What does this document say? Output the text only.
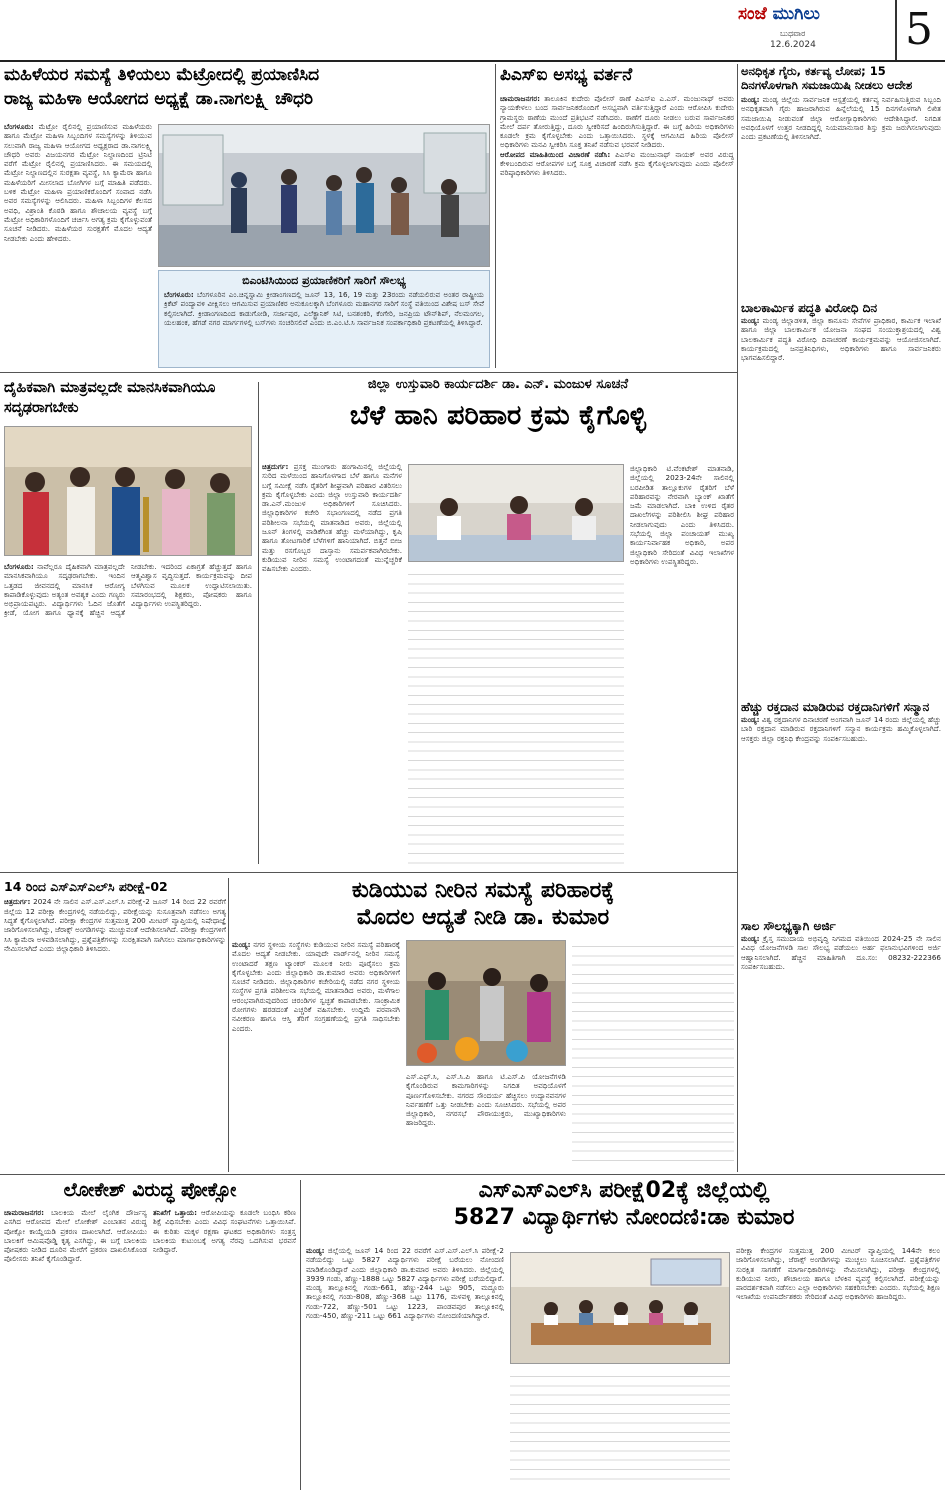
ಸಂಜೆ ಮುಗಿಲು
ಬುಧವಾರ
12.6.2024 5
ಮಹಿಳೆಯರ ಸಮಸ್ಯೆ ತಿಳಿಯಲು ಮೆಟ್ರೋದಲ್ಲಿ ಪ್ರಯಾಣಿಸಿದ
ರಾಜ್ಯ ಮಹಿಳಾ ಆಯೋಗದ ಅಧ್ಯಕ್ಷೆ ಡಾ.ನಾಗಲಕ್ಷ್ಮಿ ಚೌಧರಿ
ಬೆಂಗಳೂರು: ಮೆಟ್ರೋ ರೈಲಿನಲ್ಲಿ ಪ್ರಯಾಣಿಸುವ ಮಹಿಳೆಯರು ಹಾಗೂ ಮೆಟ್ರೋ ಮಹಿಳಾ ಸಿಬ್ಬಂದಿಗಳ ಸಮಸ್ಯೆಗಳನ್ನು ತಿಳಿಯುವ ಸಲುವಾಗಿ ರಾಜ್ಯ ಮಹಿಳಾ ಆಯೋಗದ ಅಧ್ಯಕ್ಷರಾದ ಡಾ.ನಾಗಲಕ್ಷ್ಮಿ ಚೌಧರಿ ಅವರು ವಿಜಯನಗರ ಮೆಟ್ರೋ ನಿಲ್ದಾಣದಿಂದ ಟ್ರಿನಿಟಿ ವರೆಗೆ ಮೆಟ್ರೋ ರೈಲಿನಲ್ಲಿ ಪ್ರಯಾಣಿಸಿದರು. ಈ ಸಮಯದಲ್ಲಿ ಮೆಟ್ರೋ ನಿಲ್ದಾಣದಲ್ಲಿನ ಸುರಕ್ಷತಾ ವ್ಯವಸ್ಥೆ, ಸಿಸಿ ಕ್ಯಾಮೆರಾ ಹಾಗೂ ಮಹಿಳೆಯರಿಗೆ ಮೀಸಲಾದ ಬೋಗಿಗಳ ಬಗ್ಗೆ ಮಾಹಿತಿ ಪಡೆದರು. ಬಳಿಕ ಮೆಟ್ರೋ ಮಹಿಳಾ ಪ್ರಯಾಣಿಕರೊಂದಿಗೆ ಸಂವಾದ ನಡೆಸಿ ಅವರ ಸಮಸ್ಯೆಗಳನ್ನು ಆಲಿಸಿದರು. ಮಹಿಳಾ ಸಿಬ್ಬಂದಿಗಳ ಕೆಲಸದ ಅವಧಿ, ವಿಶ್ರಾಂತಿ ಕೊಠಡಿ ಹಾಗೂ ಶೌಚಾಲಯ ವ್ಯವಸ್ಥೆ ಬಗ್ಗೆ ಮೆಟ್ರೋ ಅಧಿಕಾರಿಗಳೊಂದಿಗೆ ಚರ್ಚಿಸಿ ಅಗತ್ಯ ಕ್ರಮ ಕೈಗೊಳ್ಳುವಂತೆ ಸೂಚನೆ ನೀಡಿದರು. ಮಹಿಳೆಯರ ಸುರಕ್ಷತೆಗೆ ಮೊದಲ ಆದ್ಯತೆ ನೀಡಬೇಕು ಎಂದು ಹೇಳಿದರು.
ಬಿಎಂಟಿಸಿಯಿಂದ ಪ್ರಯಾಣಿಕರಿಗೆ ಸಾರಿಗೆ ಸೌಲಭ್ಯ
ಬೆಂಗಳೂರು: ಬೆಂಗಳೂರಿನ ಎಂ.ಚಿನ್ನಸ್ವಾಮಿ ಕ್ರೀಡಾಂಗಣದಲ್ಲಿ ಜೂನ್ 13, 16, 19 ಮತ್ತು 23ರಂದು ನಡೆಯಲಿರುವ ಅಂತರ ರಾಷ್ಟ್ರೀಯ ಕ್ರಿಕೆಟ್ ಪಂದ್ಯಾವಳಿ ವೀಕ್ಷಿಸಲು ಆಗಮಿಸುವ ಪ್ರಯಾಣಿಕರ ಅನುಕೂಲಕ್ಕಾಗಿ ಬೆಂಗಳೂರು ಮಹಾನಗರ ಸಾರಿಗೆ ಸಂಸ್ಥೆ ವತಿಯಿಂದ ವಿಶೇಷ ಬಸ್ ಸೇವೆ ಕಲ್ಪಿಸಲಾಗಿದೆ. ಕ್ರೀಡಾಂಗಣದಿಂದ ಕಾಡುಗೋಡಿ, ಸರ್ಜಾಪುರ, ಎಲೆಕ್ಟ್ರಾನಿಕ್ ಸಿಟಿ, ಬನಶಂಕರಿ, ಕೆಂಗೇರಿ, ಜನಪ್ರಿಯ ಟೌನ್‌ಶಿಪ್, ನೆಲಮಂಗಲ, ಯಲಹಂಕ, ಹೆಗಡೆ ನಗರ ಮಾರ್ಗಗಳಲ್ಲಿ ಬಸ್‌ಗಳು ಸಂಚರಿಸಲಿವೆ ಎಂದು ಬಿ.ಎಂ.ಟಿ.ಸಿ ಸಾರ್ವಜನಿಕ ಸಂಪರ್ಕಾಧಿಕಾರಿ ಪ್ರಕಟಣೆಯಲ್ಲಿ ತಿಳಿಸಿದ್ದಾರೆ.
ಪಿಎಸ್‌ಐ ಅಸಭ್ಯ ವರ್ತನೆ
ಚಾಮರಾಜನಗರ: ತಾಲೂಕಿನ ಕುದೇರು ಪೊಲೀಸ್ ಠಾಣೆ ಪಿಎಸ್‌ಐ ಎ.ಎಸ್. ಮಂಜುನಾಥ್ ಅವರು ನ್ಯಾಯಕೇಳಲು ಬಂದ ಸಾರ್ವಜನಿಕರೊಂದಿಗೆ ಅಸಭ್ಯವಾಗಿ ವರ್ತಿಸುತ್ತಿದ್ದಾರೆ ಎಂದು ಆರೋಪಿಸಿ ಕುದೇರು ಗ್ರಾಮಸ್ಥರು ಠಾಣೆಯ ಮುಂದೆ ಪ್ರತಿಭಟನೆ ನಡೆಸಿದರು. ಠಾಣೆಗೆ ದೂರು ನೀಡಲು ಬರುವ ಸಾರ್ವಜನಿಕರ ಮೇಲೆ ದರ್ಪ ತೋರುತ್ತಿದ್ದು, ದೂರು ಸ್ವೀಕರಿಸದೆ ಹಿಂದಿರುಗಿಸುತ್ತಿದ್ದಾರೆ. ಈ ಬಗ್ಗೆ ಹಿರಿಯ ಅಧಿಕಾರಿಗಳು ಕೂಡಲೇ ಕ್ರಮ ಕೈಗೊಳ್ಳಬೇಕು ಎಂದು ಒತ್ತಾಯಿಸಿದರು. ಸ್ಥಳಕ್ಕೆ ಆಗಮಿಸಿದ ಹಿರಿಯ ಪೊಲೀಸ್ ಅಧಿಕಾರಿಗಳು ಮನವಿ ಸ್ವೀಕರಿಸಿ ಸೂಕ್ತ ತನಿಖೆ ನಡೆಸುವ ಭರವಸೆ ನೀಡಿದರು.
ಆರೋಪದ ಮಾಹಿತಿಯಿಂದ ವಿಚಾರಣೆ ನಡೆಸಿ: ಪಿಎಸ್‌ಐ ಮಂಜುನಾಥ್ ನಾಯಕ್ ಅವರ ವಿರುದ್ಧ ಕೇಳಿಬಂದಿರುವ ಆರೋಪಗಳ ಬಗ್ಗೆ ಸೂಕ್ತ ವಿಚಾರಣೆ ನಡೆಸಿ ಕ್ರಮ ಕೈಗೊಳ್ಳಲಾಗುವುದು ಎಂದು ಪೊಲೀಸ್ ವರಿಷ್ಠಾಧಿಕಾರಿಗಳು ತಿಳಿಸಿದರು.
ಅನಧಿಕೃತ ಗೈರು, ಕರ್ತವ್ಯ ಲೋಪ; 15 ದಿನಗಳೊಳಗಾಗಿ ಸಮಜಾಯಿಷಿ ನೀಡಲು ಆದೇಶ
ಮಂಡ್ಯ: ಮಂಡ್ಯ ಜಿಲ್ಲೆಯ ಸಾರ್ವಜನಿಕ ಆಸ್ಪತ್ರೆಯಲ್ಲಿ ಕರ್ತವ್ಯ ನಿರ್ವಹಿಸುತ್ತಿರುವ ಸಿಬ್ಬಂದಿ ಅನಧಿಕೃತವಾಗಿ ಗೈರು ಹಾಜರಾಗಿರುವ ಹಿನ್ನೆಲೆಯಲ್ಲಿ 15 ದಿನಗಳೊಳಗಾಗಿ ಲಿಖಿತ ಸಮಜಾಯಿಷಿ ನೀಡುವಂತೆ ಜಿಲ್ಲಾ ಆರೋಗ್ಯಾಧಿಕಾರಿಗಳು ಆದೇಶಿಸಿದ್ದಾರೆ. ನಿಗದಿತ ಅವಧಿಯೊಳಗೆ ಉತ್ತರ ನೀಡದಿದ್ದಲ್ಲಿ ನಿಯಮಾನುಸಾರ ಶಿಸ್ತು ಕ್ರಮ ಜರುಗಿಸಲಾಗುವುದು ಎಂದು ಪ್ರಕಟಣೆಯಲ್ಲಿ ತಿಳಿಸಲಾಗಿದೆ.
ಬಾಲಕಾರ್ಮಿಕ ಪದ್ಧತಿ ವಿರೋಧಿ ದಿನ
ಮಂಡ್ಯ: ಮಂಡ್ಯ ಜಿಲ್ಲಾಡಳಿತ, ಜಿಲ್ಲಾ ಕಾನೂನು ಸೇವೆಗಳ ಪ್ರಾಧಿಕಾರ, ಕಾರ್ಮಿಕ ಇಲಾಖೆ ಹಾಗೂ ಜಿಲ್ಲಾ ಬಾಲಕಾರ್ಮಿಕ ಯೋಜನಾ ಸಂಘದ ಸಂಯುಕ್ತಾಶ್ರಯದಲ್ಲಿ ವಿಶ್ವ ಬಾಲಕಾರ್ಮಿಕ ಪದ್ಧತಿ ವಿರೋಧಿ ದಿನಾಚರಣೆ ಕಾರ್ಯಕ್ರಮವನ್ನು ಆಯೋಜಿಸಲಾಗಿದೆ. ಕಾರ್ಯಕ್ರಮದಲ್ಲಿ ಜನಪ್ರತಿನಿಧಿಗಳು, ಅಧಿಕಾರಿಗಳು ಹಾಗೂ ಸಾರ್ವಜನಿಕರು ಭಾಗವಹಿಸಲಿದ್ದಾರೆ.
ಹೆಚ್ಚು ರಕ್ತದಾನ ಮಾಡಿರುವ ರಕ್ತದಾನಿಗಳಿಗೆ ಸನ್ಮಾನ
ಮಂಡ್ಯ: ವಿಶ್ವ ರಕ್ತದಾನಿಗಳ ದಿನಾಚರಣೆ ಅಂಗವಾಗಿ ಜೂನ್ 14 ರಂದು ಜಿಲ್ಲೆಯಲ್ಲಿ ಹೆಚ್ಚು ಬಾರಿ ರಕ್ತದಾನ ಮಾಡಿರುವ ರಕ್ತದಾನಿಗಳಿಗೆ ಸನ್ಮಾನ ಕಾರ್ಯಕ್ರಮ ಹಮ್ಮಿಕೊಳ್ಳಲಾಗಿದೆ. ಆಸಕ್ತರು ಜಿಲ್ಲಾ ರಕ್ತನಿಧಿ ಕೇಂದ್ರವನ್ನು ಸಂಪರ್ಕಿಸಬಹುದು.
ಸಾಲ ಸೌಲಭ್ಯಕ್ಕಾಗಿ ಅರ್ಜಿ
ಮಂಡ್ಯ: ಕ್ರೈಸ್ತ ಸಮುದಾಯ ಅಭಿವೃದ್ಧಿ ನಿಗಮದ ವತಿಯಿಂದ 2024-25 ನೇ ಸಾಲಿನ ವಿವಿಧ ಯೋಜನೆಗಳಡಿ ಸಾಲ ಸೌಲಭ್ಯ ಪಡೆಯಲು ಅರ್ಹ ಫಲಾನುಭವಿಗಳಿಂದ ಅರ್ಜಿ ಆಹ್ವಾನಿಸಲಾಗಿದೆ. ಹೆಚ್ಚಿನ ಮಾಹಿತಿಗಾಗಿ ದೂ.ಸಂ: 08232-222366 ಸಂಪರ್ಕಿಸಬಹುದು.
ದೈಹಿಕವಾಗಿ ಮಾತ್ರವಲ್ಲದೇ ಮಾನಸಿಕವಾಗಿಯೂ ಸದೃಢರಾಗಬೇಕು
ಬೆಂಗಳೂರು: ನಾವೆಲ್ಲರೂ ದೈಹಿಕವಾಗಿ ಮಾತ್ರವಲ್ಲದೇ ಮಾನಸಿಕವಾಗಿಯೂ ಸದೃಢರಾಗಬೇಕು. ಇಂದಿನ ಒತ್ತಡದ ಜೀವನದಲ್ಲಿ ಮಾನಸಿಕ ಆರೋಗ್ಯ ಕಾಪಾಡಿಕೊಳ್ಳುವುದು ಅತ್ಯಂತ ಅವಶ್ಯಕ ಎಂದು ಗಣ್ಯರು ಅಭಿಪ್ರಾಯಪಟ್ಟರು. ವಿದ್ಯಾರ್ಥಿಗಳು ಓದಿನ ಜೊತೆಗೆ ಕ್ರೀಡೆ, ಯೋಗ ಹಾಗೂ ಧ್ಯಾನಕ್ಕೆ ಹೆಚ್ಚಿನ ಆದ್ಯತೆ ನೀಡಬೇಕು. ಇದರಿಂದ ಏಕಾಗ್ರತೆ ಹೆಚ್ಚುತ್ತದೆ ಹಾಗೂ ಆತ್ಮವಿಶ್ವಾಸ ವೃದ್ಧಿಸುತ್ತದೆ. ಕಾರ್ಯಕ್ರಮವನ್ನು ದೀಪ ಬೆಳಗಿಸುವ ಮೂಲಕ ಉದ್ಘಾಟಿಸಲಾಯಿತು. ಸಮಾರಂಭದಲ್ಲಿ ಶಿಕ್ಷಕರು, ಪೋಷಕರು ಹಾಗೂ ವಿದ್ಯಾರ್ಥಿಗಳು ಉಪಸ್ಥಿತರಿದ್ದರು.
ಜಿಲ್ಲಾ ಉಸ್ತುವಾರಿ ಕಾರ್ಯದರ್ಶಿ ಡಾ. ಎನ್. ಮಂಜುಳ ಸೂಚನೆ
ಬೆಳೆ ಹಾನಿ ಪರಿಹಾರ ಕ್ರಮ ಕೈಗೊಳ್ಳಿ
ಚಿತ್ರದುರ್ಗ: ಪ್ರಸಕ್ತ ಮುಂಗಾರು ಹಂಗಾಮಿನಲ್ಲಿ ಜಿಲ್ಲೆಯಲ್ಲಿ ಸುರಿದ ಮಳೆಯಿಂದ ಹಾನಿಗೊಳಗಾದ ಬೆಳೆ ಹಾಗೂ ಮನೆಗಳ ಬಗ್ಗೆ ಸಮೀಕ್ಷೆ ನಡೆಸಿ ರೈತರಿಗೆ ಶೀಘ್ರವಾಗಿ ಪರಿಹಾರ ವಿತರಿಸಲು ಕ್ರಮ ಕೈಗೊಳ್ಳಬೇಕು ಎಂದು ಜಿಲ್ಲಾ ಉಸ್ತುವಾರಿ ಕಾರ್ಯದರ್ಶಿ ಡಾ.ಎನ್.ಮಂಜುಳ ಅಧಿಕಾರಿಗಳಿಗೆ ಸೂಚಿಸಿದರು. ಜಿಲ್ಲಾಧಿಕಾರಿಗಳ ಕಚೇರಿ ಸಭಾಂಗಣದಲ್ಲಿ ನಡೆದ ಪ್ರಗತಿ ಪರಿಶೀಲನಾ ಸಭೆಯಲ್ಲಿ ಮಾತನಾಡಿದ ಅವರು, ಜಿಲ್ಲೆಯಲ್ಲಿ ಜೂನ್ ತಿಂಗಳಲ್ಲಿ ವಾಡಿಕೆಗಿಂತ ಹೆಚ್ಚು ಮಳೆಯಾಗಿದ್ದು, ಕೃಷಿ ಹಾಗೂ ತೋಟಗಾರಿಕೆ ಬೆಳೆಗಳಿಗೆ ಹಾನಿಯಾಗಿದೆ. ಬಿತ್ತನೆ ಬೀಜ ಮತ್ತು ರಸಗೊಬ್ಬರ ದಾಸ್ತಾನು ಸಮರ್ಪಕವಾಗಿರಬೇಕು. ಕುಡಿಯುವ ನೀರಿನ ಸಮಸ್ಯೆ ಉಂಟಾಗದಂತೆ ಮುನ್ನೆಚ್ಚರಿಕೆ ವಹಿಸಬೇಕು ಎಂದರು.
ಜಿಲ್ಲಾಧಿಕಾರಿ ಟಿ.ವೆಂಕಟೇಶ್ ಮಾತನಾಡಿ, ಜಿಲ್ಲೆಯಲ್ಲಿ 2023-24ನೇ ಸಾಲಿನಲ್ಲಿ ಬರಪೀಡಿತ ತಾಲ್ಲೂಕುಗಳ ರೈತರಿಗೆ ಬೆಳೆ ಪರಿಹಾರವನ್ನು ನೇರವಾಗಿ ಬ್ಯಾಂಕ್ ಖಾತೆಗೆ ಜಮೆ ಮಾಡಲಾಗಿದೆ. ಬಾಕಿ ಉಳಿದ ರೈತರ ದಾಖಲೆಗಳನ್ನು ಪರಿಶೀಲಿಸಿ ಶೀಘ್ರ ಪರಿಹಾರ ನೀಡಲಾಗುವುದು ಎಂದು ತಿಳಿಸಿದರು. ಸಭೆಯಲ್ಲಿ ಜಿಲ್ಲಾ ಪಂಚಾಯತ್ ಮುಖ್ಯ ಕಾರ್ಯನಿರ್ವಾಹಕ ಅಧಿಕಾರಿ, ಅಪರ ಜಿಲ್ಲಾಧಿಕಾರಿ ಸೇರಿದಂತೆ ವಿವಿಧ ಇಲಾಖೆಗಳ ಅಧಿಕಾರಿಗಳು ಉಪಸ್ಥಿತರಿದ್ದರು.
14 ರಿಂದ ಎಸ್‌ಎಸ್‌ಎಲ್‌ಸಿ ಪರೀಕ್ಷೆ-02
ಚಿತ್ರದುರ್ಗ: 2024 ನೇ ಸಾಲಿನ ಎಸ್.ಎಸ್.ಎಲ್.ಸಿ ಪರೀಕ್ಷೆ-2 ಜೂನ್ 14 ರಿಂದ 22 ರವರೆಗೆ ಜಿಲ್ಲೆಯ 12 ಪರೀಕ್ಷಾ ಕೇಂದ್ರಗಳಲ್ಲಿ ನಡೆಯಲಿದ್ದು, ಪರೀಕ್ಷೆಯನ್ನು ಸುಸೂತ್ರವಾಗಿ ನಡೆಸಲು ಅಗತ್ಯ ಸಿದ್ಧತೆ ಕೈಗೊಳ್ಳಲಾಗಿದೆ. ಪರೀಕ್ಷಾ ಕೇಂದ್ರಗಳ ಸುತ್ತಮುತ್ತ 200 ಮೀಟರ್ ವ್ಯಾಪ್ತಿಯಲ್ಲಿ ನಿಷೇಧಾಜ್ಞೆ ಜಾರಿಗೊಳಿಸಲಾಗಿದ್ದು, ಜೆರಾಕ್ಸ್ ಅಂಗಡಿಗಳನ್ನು ಮುಚ್ಚುವಂತೆ ಆದೇಶಿಸಲಾಗಿದೆ. ಪರೀಕ್ಷಾ ಕೇಂದ್ರಗಳಿಗೆ ಸಿಸಿ ಕ್ಯಾಮೆರಾ ಅಳವಡಿಸಲಾಗಿದ್ದು, ಪ್ರಶ್ನೆಪತ್ರಿಕೆಗಳನ್ನು ಸುರಕ್ಷಿತವಾಗಿ ಸಾಗಿಸಲು ಮಾರ್ಗಾಧಿಕಾರಿಗಳನ್ನು ನೇಮಿಸಲಾಗಿದೆ ಎಂದು ಜಿಲ್ಲಾಧಿಕಾರಿ ತಿಳಿಸಿದರು.
ಕುಡಿಯುವ ನೀರಿನ ಸಮಸ್ಯೆ ಪರಿಹಾರಕ್ಕೆ
ಮೊದಲ ಆದ್ಯತೆ ನೀಡಿ ಡಾ. ಕುಮಾರ
ಮಂಡ್ಯ: ನಗರ ಸ್ಥಳೀಯ ಸಂಸ್ಥೆಗಳು ಕುಡಿಯುವ ನೀರಿನ ಸಮಸ್ಯೆ ಪರಿಹಾರಕ್ಕೆ ಮೊದಲ ಆದ್ಯತೆ ನೀಡಬೇಕು. ಯಾವುದೇ ವಾರ್ಡ್‌ನಲ್ಲಿ ನೀರಿನ ಸಮಸ್ಯೆ ಉಂಟಾದರೆ ತಕ್ಷಣ ಟ್ಯಾಂಕರ್ ಮೂಲಕ ನೀರು ಪೂರೈಸಲು ಕ್ರಮ ಕೈಗೊಳ್ಳಬೇಕು ಎಂದು ಜಿಲ್ಲಾಧಿಕಾರಿ ಡಾ.ಕುಮಾರ ಅವರು ಅಧಿಕಾರಿಗಳಿಗೆ ಸೂಚನೆ ನೀಡಿದರು. ಜಿಲ್ಲಾಧಿಕಾರಿಗಳ ಕಚೇರಿಯಲ್ಲಿ ನಡೆದ ನಗರ ಸ್ಥಳೀಯ ಸಂಸ್ಥೆಗಳ ಪ್ರಗತಿ ಪರಿಶೀಲನಾ ಸಭೆಯಲ್ಲಿ ಮಾತನಾಡಿದ ಅವರು, ಮಳೆಗಾಲ ಆರಂಭವಾಗಿರುವುದರಿಂದ ಚರಂಡಿಗಳ ಸ್ವಚ್ಛತೆ ಕಾಪಾಡಬೇಕು. ಸಾಂಕ್ರಾಮಿಕ ರೋಗಗಳು ಹರಡದಂತೆ ಎಚ್ಚರಿಕೆ ವಹಿಸಬೇಕು. ಉದ್ದಿಮೆ ಪರವಾನಗಿ ನವೀಕರಣ ಹಾಗೂ ಆಸ್ತಿ ತೆರಿಗೆ ಸಂಗ್ರಹಣೆಯಲ್ಲಿ ಪ್ರಗತಿ ಸಾಧಿಸಬೇಕು ಎಂದರು.
ಎಸ್.ಎಫ್.ಸಿ, ಎಸ್.ಸಿ.ಪಿ ಹಾಗೂ ಟಿ.ಎಸ್.ಪಿ ಯೋಜನೆಗಳಡಿ ಕೈಗೊಂಡಿರುವ ಕಾಮಗಾರಿಗಳನ್ನು ನಿಗದಿತ ಅವಧಿಯೊಳಗೆ ಪೂರ್ಣಗೊಳಿಸಬೇಕು. ನಗರದ ಸೌಂದರ್ಯ ಹೆಚ್ಚಿಸಲು ಉದ್ಯಾನವನಗಳ ನಿರ್ವಹಣೆಗೆ ಒತ್ತು ನೀಡಬೇಕು ಎಂದು ಸೂಚಿಸಿದರು. ಸಭೆಯಲ್ಲಿ ಅಪರ ಜಿಲ್ಲಾಧಿಕಾರಿ, ನಗರಸಭೆ ಪೌರಾಯುಕ್ತರು, ಮುಖ್ಯಾಧಿಕಾರಿಗಳು ಹಾಜರಿದ್ದರು.
ಲೋಕೇಶ್ ವಿರುದ್ಧ ಪೋಕ್ಸೋ
ಚಾಮರಾಜನಗರ: ಬಾಲಕಿಯ ಮೇಲೆ ಲೈಂಗಿಕ ದೌರ್ಜನ್ಯ ಎಸಗಿದ ಆರೋಪದ ಮೇಲೆ ಲೋಕೇಶ್ ಎಂಬಾತನ ವಿರುದ್ಧ ಪೋಕ್ಸೋ ಕಾಯ್ದೆಯಡಿ ಪ್ರಕರಣ ದಾಖಲಾಗಿದೆ. ಆರೋಪಿಯು ಬಾಲಕಿಗೆ ಆಮಿಷವೊಡ್ಡಿ ಕೃತ್ಯ ಎಸಗಿದ್ದು, ಈ ಬಗ್ಗೆ ಬಾಲಕಿಯ ಪೋಷಕರು ನೀಡಿದ ದೂರಿನ ಮೇರೆಗೆ ಪ್ರಕರಣ ದಾಖಲಿಸಿಕೊಂಡ ಪೊಲೀಸರು ತನಿಖೆ ಕೈಗೊಂಡಿದ್ದಾರೆ.
ತನಿಖೆಗೆ ಒತ್ತಾಯ: ಆರೋಪಿಯನ್ನು ಕೂಡಲೇ ಬಂಧಿಸಿ ಕಠಿಣ ಶಿಕ್ಷೆ ವಿಧಿಸಬೇಕು ಎಂದು ವಿವಿಧ ಸಂಘಟನೆಗಳು ಒತ್ತಾಯಿಸಿವೆ. ಈ ಕುರಿತು ಮಕ್ಕಳ ರಕ್ಷಣಾ ಘಟಕದ ಅಧಿಕಾರಿಗಳು ಸಂತ್ರಸ್ತ ಬಾಲಕಿಯ ಕುಟುಂಬಕ್ಕೆ ಅಗತ್ಯ ನೆರವು ಒದಗಿಸುವ ಭರವಸೆ ನೀಡಿದ್ದಾರೆ.
ಎಸ್‌ಎಸ್‌ಎಲ್‌ಸಿ ಪರೀಕ್ಷೆ02ಕ್ಕೆ ಜಿಲ್ಲೆಯಲ್ಲಿ
5827 ವಿದ್ಯಾರ್ಥಿಗಳು ನೋಂದಣಿ:ಡಾ ಕುಮಾರ
ಮಂಡ್ಯ: ಜಿಲ್ಲೆಯಲ್ಲಿ ಜೂನ್ 14 ರಿಂದ 22 ರವರೆಗೆ ಎಸ್.ಎಸ್.ಎಲ್.ಸಿ ಪರೀಕ್ಷೆ-2 ನಡೆಯಲಿದ್ದು ಒಟ್ಟು 5827 ವಿದ್ಯಾರ್ಥಿಗಳು ಪರೀಕ್ಷೆ ಬರೆಯಲು ನೋಂದಣಿ ಮಾಡಿಕೊಂಡಿದ್ದಾರೆ ಎಂದು ಜಿಲ್ಲಾಧಿಕಾರಿ ಡಾ.ಕುಮಾರ ಅವರು ತಿಳಿಸಿದರು. ಜಿಲ್ಲೆಯಲ್ಲಿ 3939 ಗಂಡು, ಹೆಣ್ಣು-1888 ಒಟ್ಟು 5827 ವಿದ್ಯಾರ್ಥಿಗಳು ಪರೀಕ್ಷೆ ಬರೆಯಲಿದ್ದಾರೆ. ಮಂಡ್ಯ ತಾಲ್ಲೂಕಿನಲ್ಲಿ ಗಂಡು-661, ಹೆಣ್ಣು-244 ಒಟ್ಟು 905, ಮದ್ದೂರು ತಾಲ್ಲೂಕಿನಲ್ಲಿ ಗಂಡು-808, ಹೆಣ್ಣು-368 ಒಟ್ಟು 1176, ಮಳವಳ್ಳಿ ತಾಲ್ಲೂಕಿನಲ್ಲಿ ಗಂಡು-722, ಹೆಣ್ಣು-501 ಒಟ್ಟು 1223, ಪಾಂಡವಪುರ ತಾಲ್ಲೂಕಿನಲ್ಲಿ ಗಂಡು-450, ಹೆಣ್ಣು-211 ಒಟ್ಟು 661 ವಿದ್ಯಾರ್ಥಿಗಳು ನೋಂದಣಿಯಾಗಿದ್ದಾರೆ.
ಪರೀಕ್ಷಾ ಕೇಂದ್ರಗಳ ಸುತ್ತಮುತ್ತ 200 ಮೀಟರ್ ವ್ಯಾಪ್ತಿಯಲ್ಲಿ 144ನೇ ಕಲಂ ಜಾರಿಗೊಳಿಸಲಾಗಿದ್ದು, ಜೆರಾಕ್ಸ್ ಅಂಗಡಿಗಳನ್ನು ಮುಚ್ಚಲು ಸೂಚಿಸಲಾಗಿದೆ. ಪ್ರಶ್ನೆಪತ್ರಿಕೆಗಳ ಸುರಕ್ಷಿತ ಸಾಗಣೆಗೆ ಮಾರ್ಗಾಧಿಕಾರಿಗಳನ್ನು ನೇಮಿಸಲಾಗಿದ್ದು, ಪರೀಕ್ಷಾ ಕೇಂದ್ರಗಳಲ್ಲಿ ಕುಡಿಯುವ ನೀರು, ಶೌಚಾಲಯ ಹಾಗೂ ಬೆಳಕಿನ ವ್ಯವಸ್ಥೆ ಕಲ್ಪಿಸಲಾಗಿದೆ. ಪರೀಕ್ಷೆಯನ್ನು ಪಾರದರ್ಶಕವಾಗಿ ನಡೆಸಲು ಎಲ್ಲಾ ಅಧಿಕಾರಿಗಳು ಸಹಕರಿಸಬೇಕು ಎಂದರು. ಸಭೆಯಲ್ಲಿ ಶಿಕ್ಷಣ ಇಲಾಖೆಯ ಉಪನಿರ್ದೇಶಕರು ಸೇರಿದಂತೆ ವಿವಿಧ ಅಧಿಕಾರಿಗಳು ಹಾಜರಿದ್ದರು.
